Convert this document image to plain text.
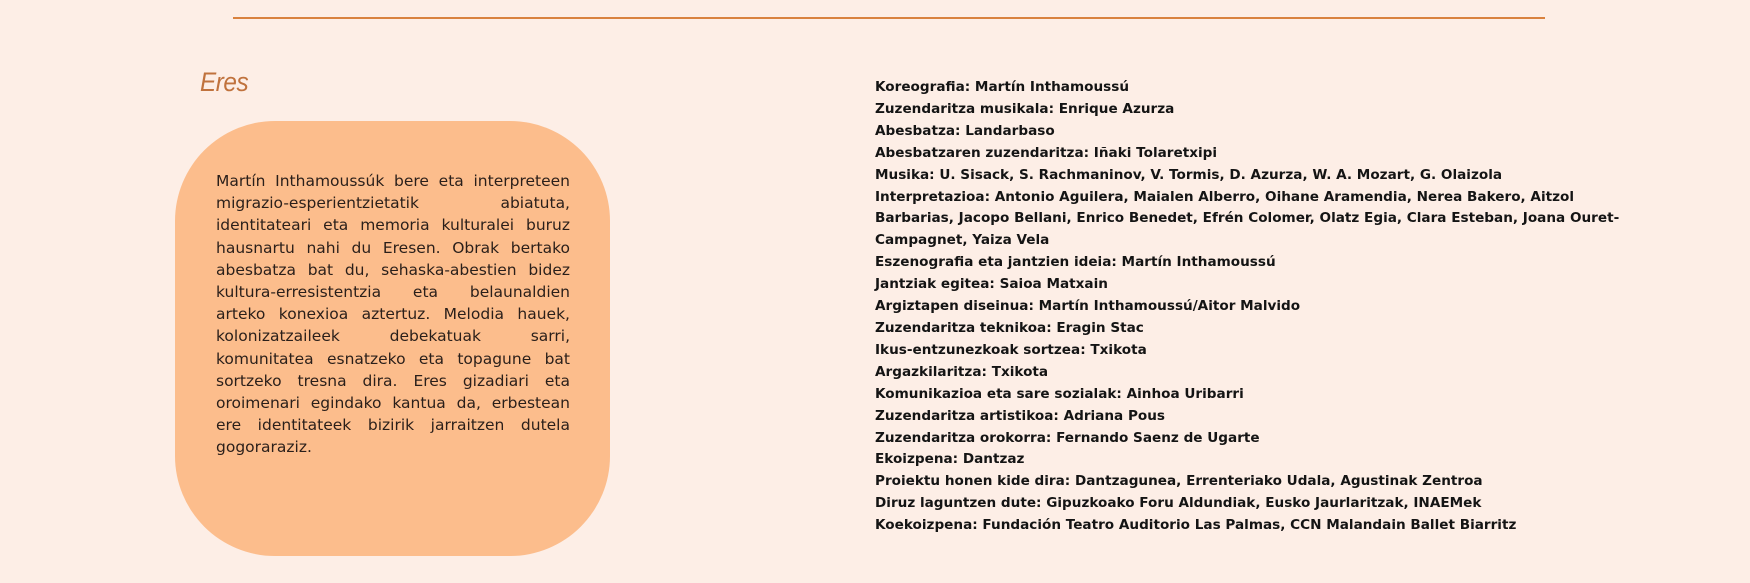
Eres

Martín Inthamoussúk bere eta interpreteen migrazio-esperientzietatik abiatuta, identitateari eta memoria kulturalei buruz hausnartu nahi du Eresen. Obrak bertako abesbatza bat du, sehaska-abestien bidez kultura-erresistentzia eta belaunaldien arteko konexioa aztertuz. Melodia hauek, kolonizatzaileek debekatuak sarri, komunitatea esnatzeko eta topagune bat sortzeko tresna dira. Eres gizadiari eta oroimenari egindako kantua da, erbestean ere identitateek bizirik jarraitzen dutela gogoraraziz.

Koreografia: Martín Inthamoussú
Zuzendaritza musikala: Enrique Azurza
Abesbatza: Landarbaso
Abesbatzaren zuzendaritza: Iñaki Tolaretxipi
Musika: U. Sisack, S. Rachmaninov, V. Tormis, D. Azurza, W. A. Mozart, G. Olaizola
Interpretazioa: Antonio Aguilera, Maialen Alberro, Oihane Aramendia, Nerea Bakero, Aitzol Barbarias, Jacopo Bellani, Enrico Benedet, Efrén Colomer, Olatz Egia, Clara Esteban, Joana Ouret-Campagnet, Yaiza Vela
Eszenografia eta jantzien ideia: Martín Inthamoussú
Jantziak egitea: Saioa Matxain
Argiztapen diseinua: Martín Inthamoussú/Aitor Malvido
Zuzendaritza teknikoa: Eragin Stac
Ikus-entzunezkoak sortzea: Txikota
Argazkilaritza: Txikota
Komunikazioa eta sare sozialak: Ainhoa Uribarri
Zuzendaritza artistikoa: Adriana Pous
Zuzendaritza orokorra: Fernando Saenz de Ugarte
Ekoizpena: Dantzaz
Proiektu honen kide dira: Dantzagunea, Errenteriako Udala, Agustinak Zentroa
Diruz laguntzen dute: Gipuzkoako Foru Aldundiak, Eusko Jaurlaritzak, INAEMek
Koekoizpena: Fundación Teatro Auditorio Las Palmas, CCN Malandain Ballet Biarritz
